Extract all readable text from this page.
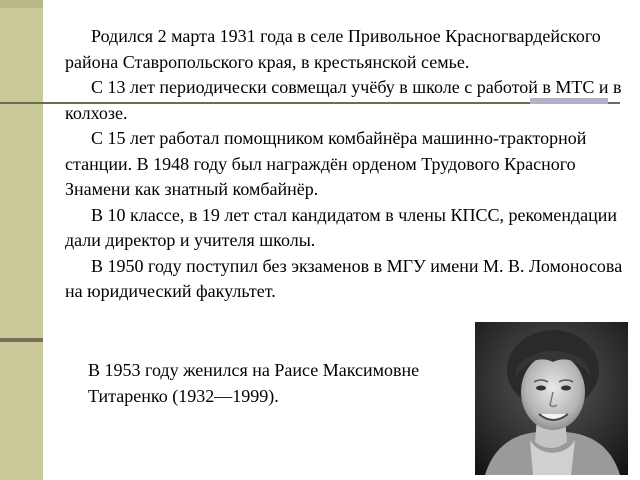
Родился 2 марта 1931 года в селе Привольное Красногвардейского района Ставропольского края, в крестьянской семье.

С 13 лет периодически совмещал учёбу в школе с работой в МТС и в колхозе.

С 15 лет работал помощником комбайнёра машинно-тракторной станции. В 1948 году был награждён орденом Трудового Красного Знамени как знатный комбайнёр.

В 10 классе, в 19 лет стал кандидатом в члены КПСС, рекомендации дали директор и учителя школы.

В 1950 году поступил без экзаменов в МГУ имени М. В. Ломоносова на юридический факультет.

В 1953 году женился на Раисе Максимовне
Титаренко (1932—1999).
